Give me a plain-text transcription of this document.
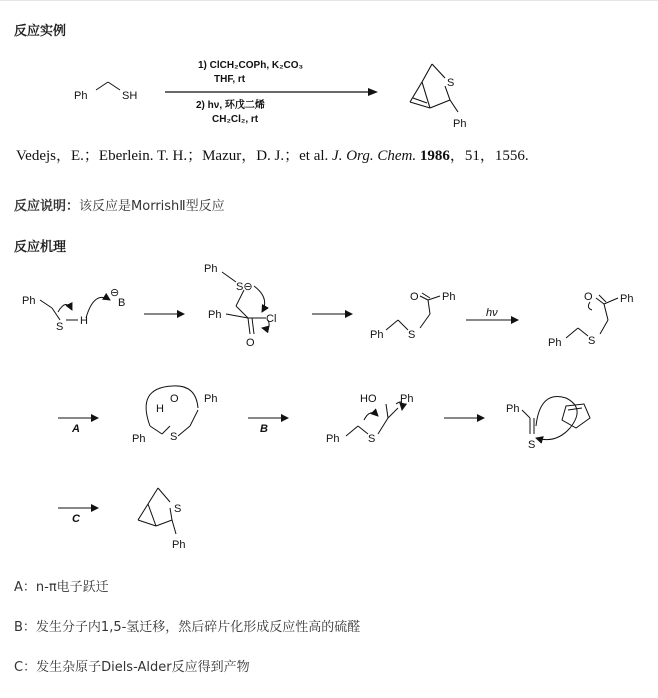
反应实例
Ph	SH
1) ClCH₂COPh, K₂CO₃
THF, rt
2) hν, 环戊二烯
CH₂Cl₂, rt
S
Ph
Vedejs，E.；Eberlein. T. H.；Mazur，D. J.；et al. J. Org. Chem. 1986，51，1556.
反应说明：该反应是MorrishⅡ型反应
反应机理
Ph
S H
⊖
B
Ph
S⊖
Ph
O
Cl
Ph S
O Ph
hν
Ph S
O Ph
A
H
O Ph
Ph S
B
HO Ph
Ph	S
Ph
S
C
S
Ph
A：n-π电子跃迁
B：发生分子内1,5-氢迁移，然后碎片化形成反应性高的硫醛
C：发生杂原子Diels-Alder反应得到产物
